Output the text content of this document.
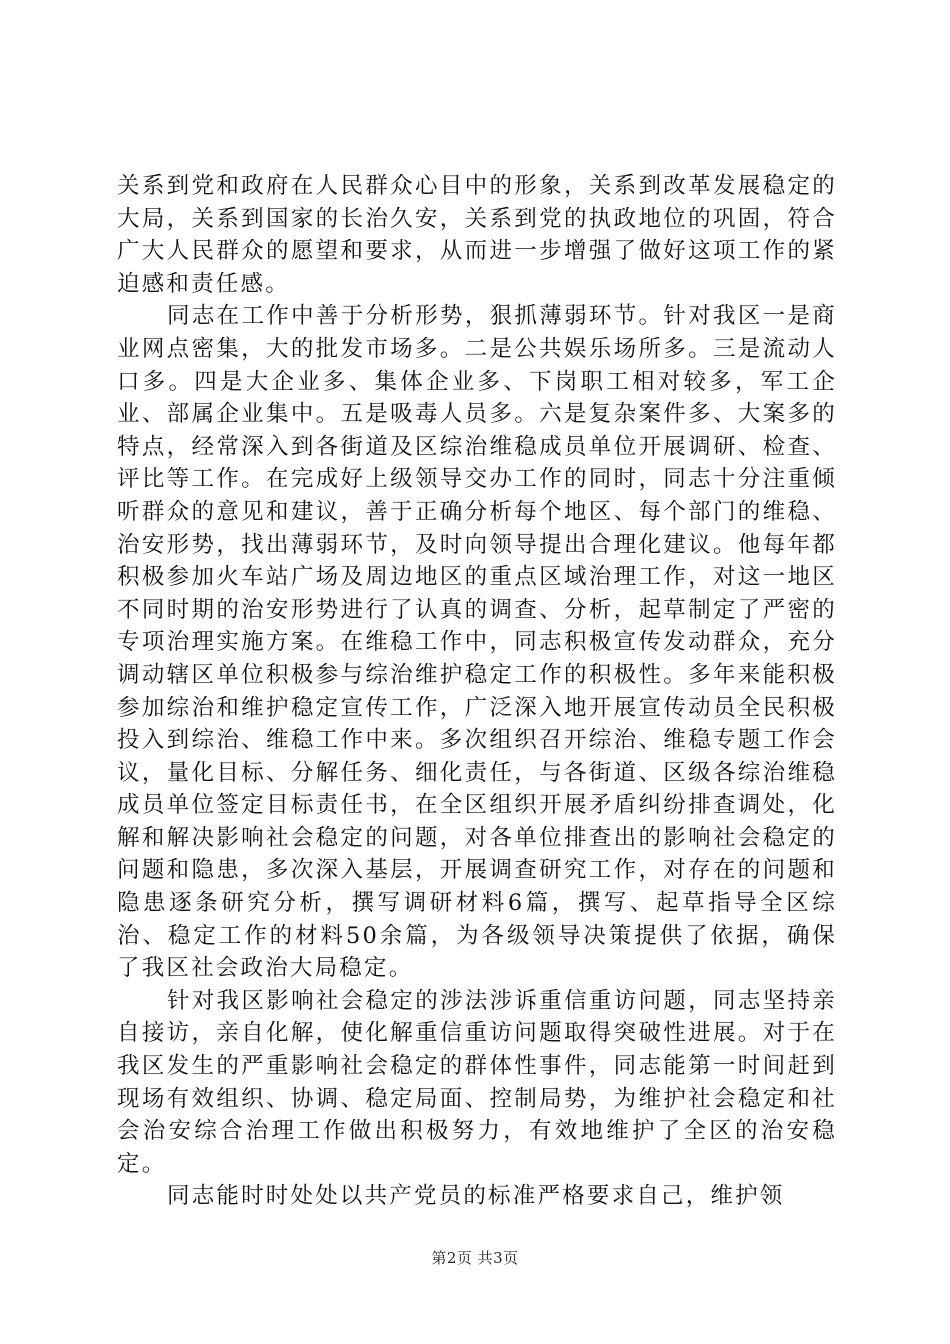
关系到党和政府在人民群众心目中的形象，关系到改革发展稳定的大局，关系到国家的长治久安，关系到党的执政地位的巩固，符合广大人民群众的愿望和要求，从而进一步增强了做好这项工作的紧迫感和责任感。

同志在工作中善于分析形势，狠抓薄弱环节。针对我区一是商业网点密集，大的批发市场多。二是公共娱乐场所多。三是流动人口多。四是大企业多、集体企业多、下岗职工相对较多，军工企业、部属企业集中。五是吸毒人员多。六是复杂案件多、大案多的特点，经常深入到各街道及区综治维稳成员单位开展调研、检查、评比等工作。在完成好上级领导交办工作的同时，同志十分注重倾听群众的意见和建议，善于正确分析每个地区、每个部门的维稳、治安形势，找出薄弱环节，及时向领导提出合理化建议。他每年都积极参加火车站广场及周边地区的重点区域治理工作，对这一地区不同时期的治安形势进行了认真的调查、分析，起草制定了严密的专项治理实施方案。在维稳工作中，同志积极宣传发动群众，充分调动辖区单位积极参与综治维护稳定工作的积极性。多年来能积极参加综治和维护稳定宣传工作，广泛深入地开展宣传动员全民积极投入到综治、维稳工作中来。多次组织召开综治、维稳专题工作会议，量化目标、分解任务、细化责任，与各街道、区级各综治维稳成员单位签定目标责任书，在全区组织开展矛盾纠纷排查调处，化解和解决影响社会稳定的问题，对各单位排查出的影响社会稳定的问题和隐患，多次深入基层，开展调查研究工作，对存在的问题和隐患逐条研究分析，撰写调研材料6篇，撰写、起草指导全区综治、稳定工作的材料50余篇，为各级领导决策提供了依据，确保了我区社会政治大局稳定。

针对我区影响社会稳定的涉法涉诉重信重访问题，同志坚持亲自接访，亲自化解，使化解重信重访问题取得突破性进展。对于在我区发生的严重影响社会稳定的群体性事件，同志能第一时间赶到现场有效组织、协调、稳定局面、控制局势，为维护社会稳定和社会治安综合治理工作做出积极努力，有效地维护了全区的治安稳定。

同志能时时处处以共产党员的标准严格要求自己，维护领

第2页 共3页
